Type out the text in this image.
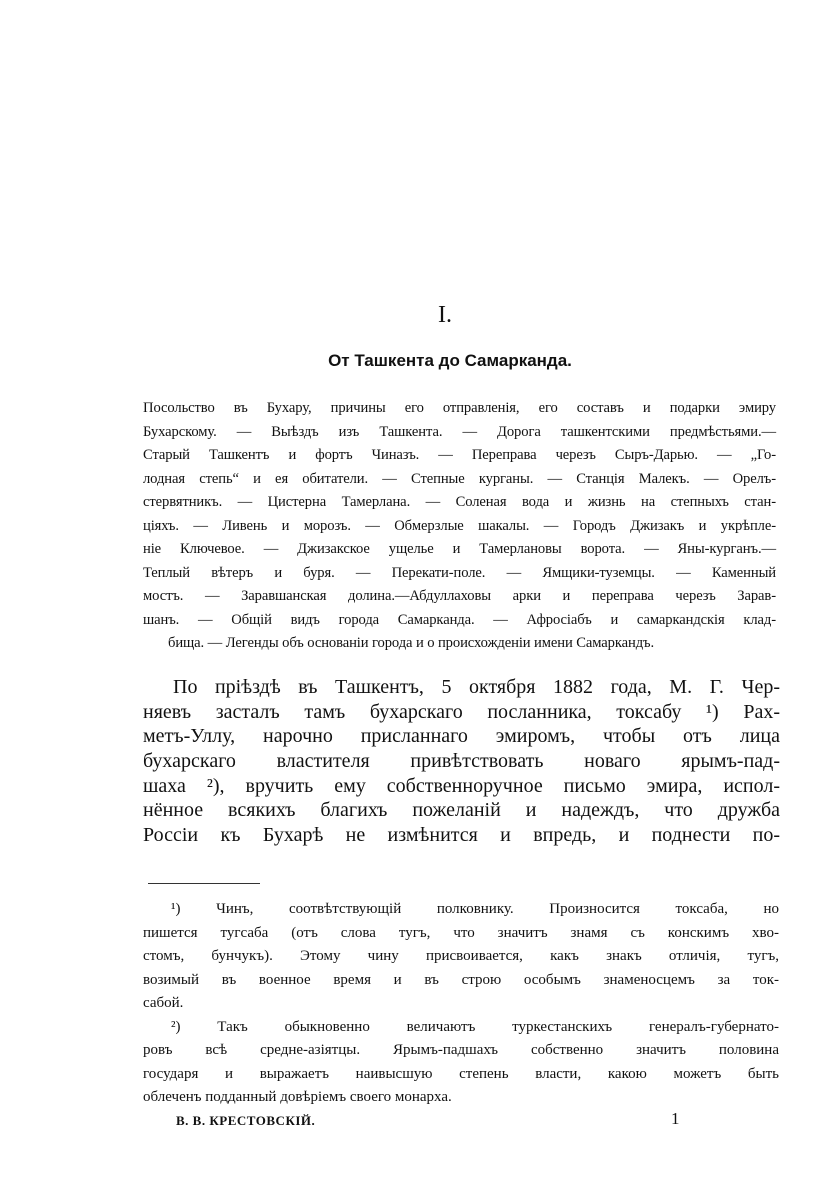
I.
От Ташкента до Самарканда.
Посольство въ Бухару, причины его отправленія, его составъ и подарки эмиру
Бухарскому. — Выѣздъ изъ Ташкента. — Дорога ташкентскими предмѣстьями.—
Старый Ташкентъ и фортъ Чиназъ. — Переправа черезъ Сыръ-Дарью. — „Го-
лодная степь“ и ея обитатели. — Степные курганы. — Станція Малекъ. — Орелъ-
стервятникъ. — Цистерна Тамерлана. — Соленая вода и жизнь на степныхъ стан-
ціяхъ. — Ливень и морозъ. — Обмерзлые шакалы. — Городъ Джизакъ и укрѣпле-
ніе Ключевое. — Джизакское ущелье и Тамерлановы ворота. — Яны-курганъ.—
Теплый вѣтеръ и буря. — Перекати-поле. — Ямщики-туземцы. — Каменный
мостъ. — Заравшанская долина.—Абдуллаховы арки и переправа черезъ Зарав-
шанъ. — Общій видъ города Самарканда. — Афросіабъ и самаркандскія клад-
бища. — Легенды объ основаніи города и о происхожденіи имени Самаркандъ.
По пріѣздѣ въ Ташкентъ, 5 октября 1882 года, М. Г. Чер-
няевъ засталъ тамъ бухарскаго посланника, токсабу ¹) Рах-
метъ-Уллу, нарочно присланнаго эмиромъ, чтобы отъ лица
бухарскаго властителя привѣтствовать новаго ярымъ-пад-
шаха ²), вручить ему собственноручное письмо эмира, испол-
нённое всякихъ благихъ пожеланій и надеждъ, что дружба
Россіи къ Бухарѣ не измѣнится и впредь, и поднести по-
¹) Чинъ, соотвѣтствующій полковнику. Произносится токсаба, но
пишется тугсаба (отъ слова тугъ, что значитъ знамя съ конскимъ хво-
стомъ, бунчукъ). Этому чину присвоивается, какъ знакъ отличія, тугъ,
возимый въ военное время и въ строю особымъ знаменосцемъ за ток-
сабой.
²) Такъ обыкновенно величаютъ туркестанскихъ генералъ-губернато-
ровъ всѣ средне-азіятцы. Ярымъ-падшахъ собственно значитъ половина
государя и выражаетъ наивысшую степень власти, какою можетъ быть
облеченъ подданный довѣріемъ своего монарха.
В. В. КРЕСТОВСКІЙ.	1
